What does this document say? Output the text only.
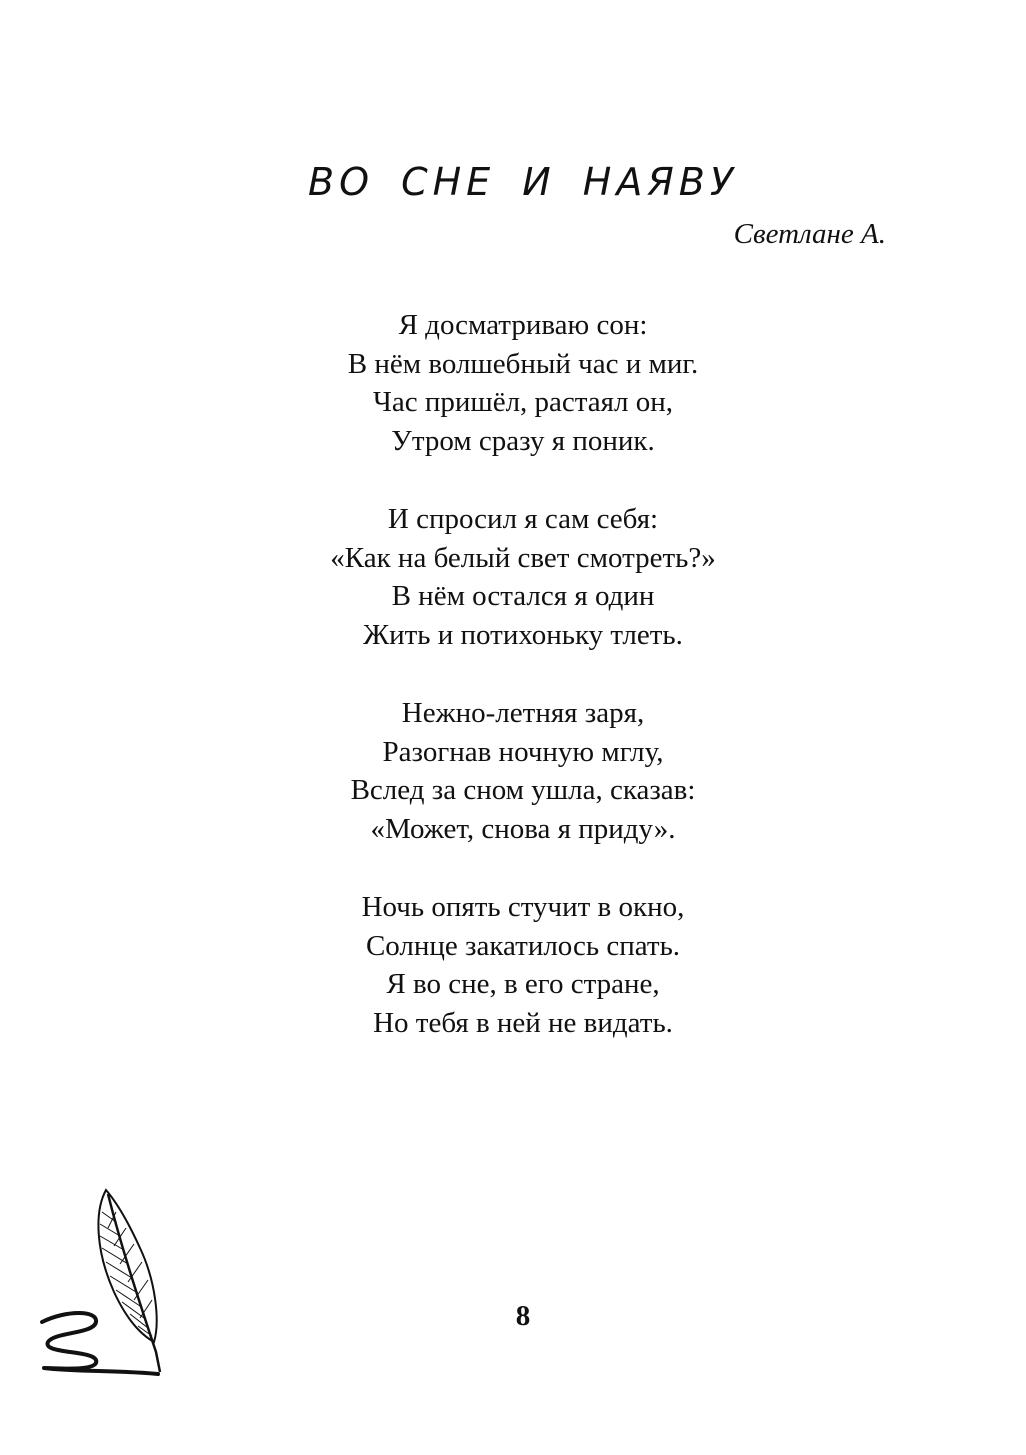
ВО СНЕ И НАЯВУ

Светлане А.

Я досматриваю сон:
В нём волшебный час и миг.
Час пришёл, растаял он,
Утром сразу я поник.

И спросил я сам себя:
«Как на белый свет смотреть?»
В нём остался я один
Жить и потихоньку тлеть.

Нежно-летняя заря,
Разогнав ночную мглу,
Вслед за сном ушла, сказав:
«Может, снова я приду».

Ночь опять стучит в окно,
Солнце закатилось спать.
Я во сне, в его стране,
Но тебя в ней не видать.

8
